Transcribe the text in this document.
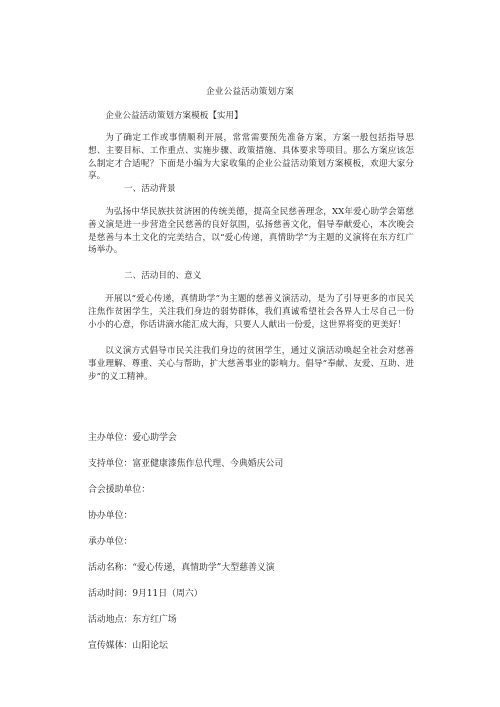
企业公益活动策划方案

企业公益活动策划方案模板【实用】

为了确定工作或事情顺利开展，常常需要预先准备方案，方案一般包括指导思想、主要目标、工作重点、实施步骤、政策措施、具体要求等项目。那么方案应该怎么制定才合适呢？下面是小编为大家收集的企业公益活动策划方案模板，欢迎大家分享。

一、活动背景

为弘扬中华民族扶贫济困的传统美德，提高全民慈善理念，XX年爱心助学会第慈善义演是进一步营造全民慈善的良好氛围，弘扬慈善文化，倡导奉献爱心，本次晚会是慈善与本土文化的完美结合，以“爱心传递，真情助学”为主题的义演将在东方红广场举办。

二、活动目的、意义

开展以“爱心传递，真情助学”为主题的慈善义演活动，是为了引导更多的市民关注焦作贫困学生，关注我们身边的弱势群体，我们真诚希望社会各界人士尽自己一份小小的心意，你话讲滴水能汇成大海，只要人人献出一份爱，这世界将变的更美好！

以义演方式倡导市民关注我们身边的贫困学生，通过义演活动唤起全社会对慈善事业理解、尊重、关心与帮助，扩大慈善事业的影响力。倡导“奉献、友爱、互助、进步”的义工精神。

主办单位：爱心助学会
支持单位：富亚健康漆焦作总代理、今典婚庆公司
合会援助单位：
协办单位：
承办单位：
活动名称：“爱心传递，真情助学”大型慈善义演
活动时间：9月11日（周六）
活动地点：东方红广场
宣传媒体：山阳论坛
